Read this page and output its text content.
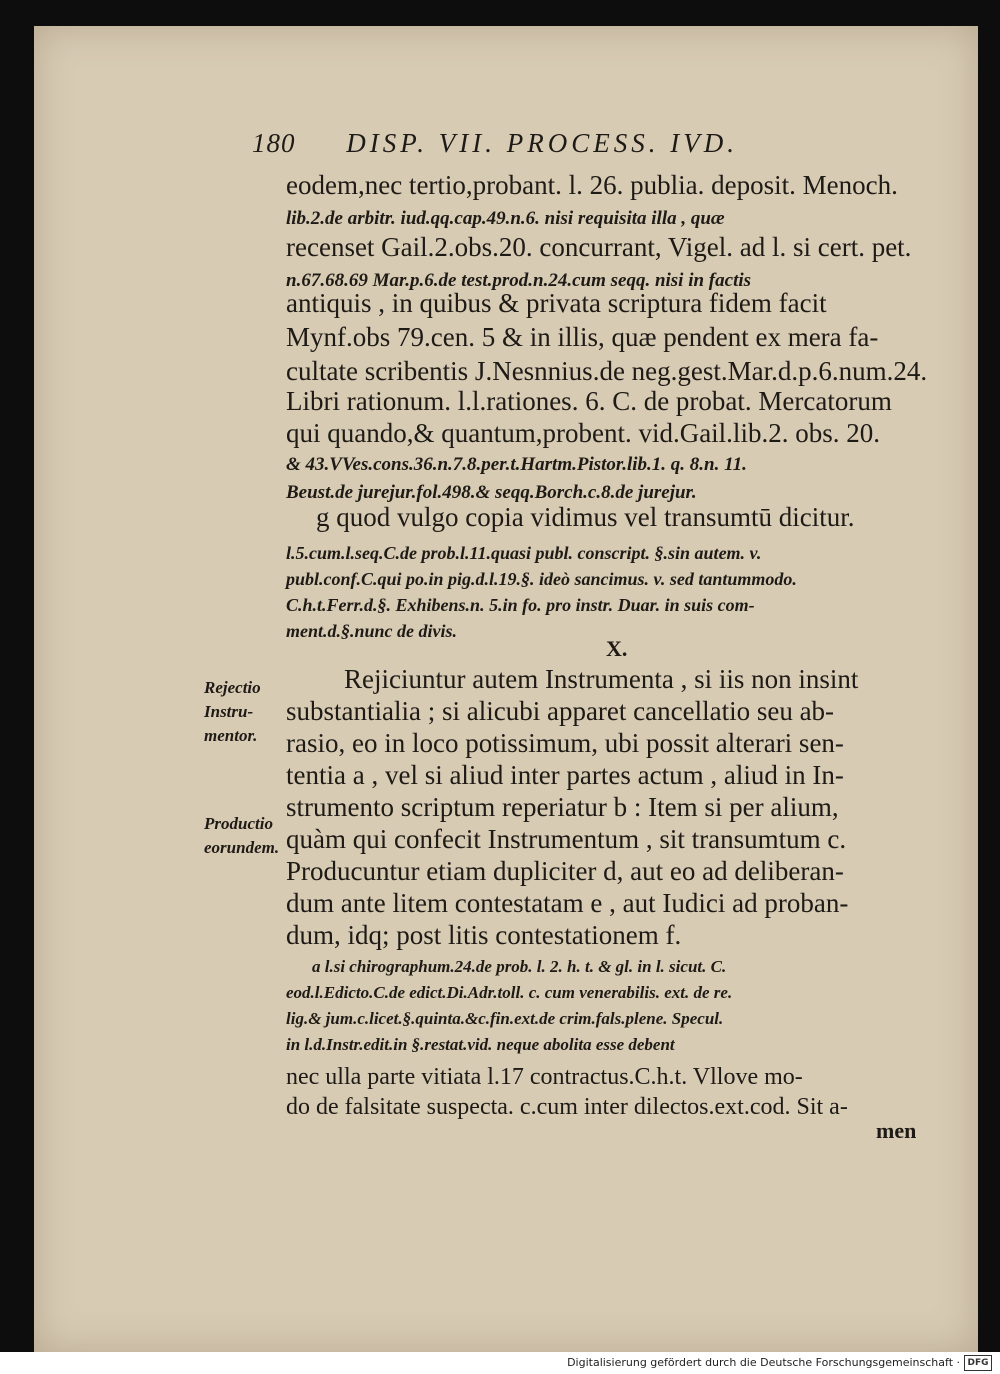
180 DISP. VII. PROCESS. IVD.
eodem,nec tertio,probant. l. 26. publia. deposit. Menoch.
lib.2.de arbitr. iud.qq.cap.49.n.6. nisi requisita illa , quæ
recenset Gail.2.obs.20. concurrant, Vigel. ad l. si cert. pet.
n.67.68.69 Mar.p.6.de test.prod.n.24.cum seqq. nisi in factis
antiquis , in quibus & privata scriptura fidem facit
Mynf.obs 79.cen. 5 & in illis, quæ pendent ex mera fa-
cultate scribentis J.Nesnnius.de neg.gest.Mar.d.p.6.num.24.
Libri rationum. l.l.rationes. 6. C. de probat. Mercatorum
qui quando,& quantum,probent. vid.Gail.lib.2. obs. 20.
& 43.VVes.cons.36.n.7.8.per.t.Hartm.Pistor.lib.1. q. 8.n. 11.
Beust.de jurejur.fol.498.& seqq.Borch.c.8.de jurejur.
g quod vulgo copia vidimus vel transumtū dicitur.
l.5.cum.l.seq.C.de prob.l.11.quasi publ. conscript. §.sin autem. v.
publ.conf.C.qui po.in pig.d.l.19.§. ideò sancimus. v. sed tantummodo.
C.h.t.Ferr.d.§. Exhibens.n. 5.in fo. pro instr. Duar. in suis com-
ment.d.§.nunc de divis.
X.
Rejectio Instru- mentor.
Productio eorundem.
Rejiciuntur autem Instrumenta , si iis non insint
substantialia ; si alicubi apparet cancellatio seu ab-
rasio, eo in loco potissimum, ubi possit alterari sen-
tentia a , vel si aliud inter partes actum , aliud in In-
strumento scriptum reperiatur b : Item si per alium,
quàm qui confecit Instrumentum , sit transumtum c.
Producuntur etiam dupliciter d, aut eo ad deliberan-
dum ante litem contestatam e , aut Iudici ad proban-
dum, idq; post litis contestationem f.
a l.si chirographum.24.de prob. l. 2. h. t. & gl. in l. sicut. C.
eod.l.Edicto.C.de edict.Di.Adr.toll. c. cum venerabilis. ext. de re.
lig.& jum.c.licet.§.quinta.&c.fin.ext.de crim.fals.plene. Specul.
in l.d.Instr.edit.in §.restat.vid. neque abolita esse debent
nec ulla parte vitiata l.17 contractus.C.h.t. Vllove mo-
do de falsitate suspecta. c.cum inter dilectos.ext.cod. Sit a-
men
Digitalisierung gefördert durch die Deutsche Forschungsgemeinschaft · DFG
